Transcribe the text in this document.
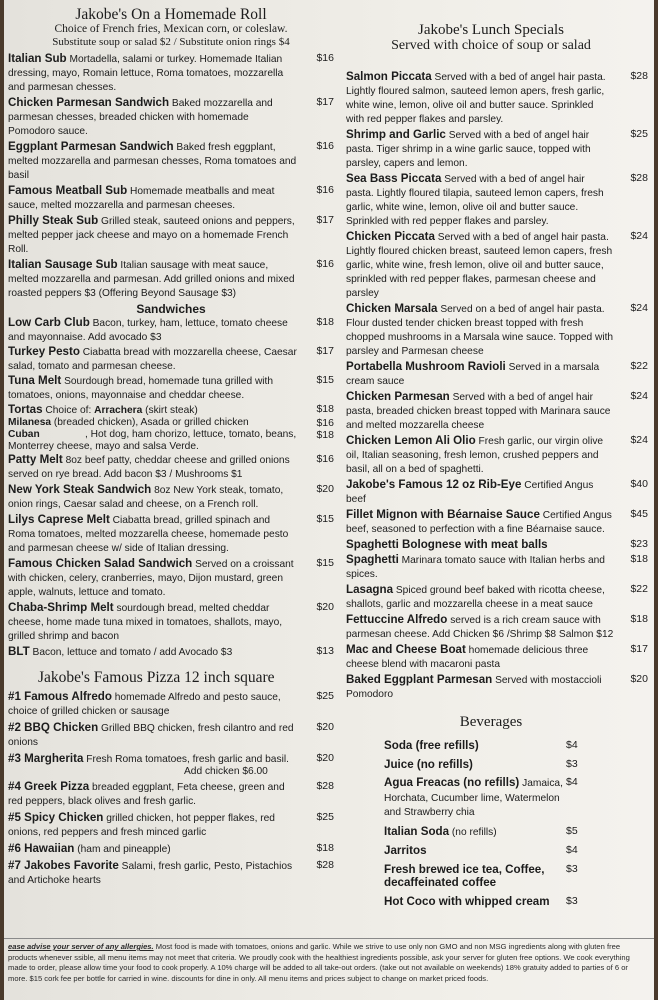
Jakobe's On a Homemade Roll

Choice of French fries, Mexican corn, or coleslaw.

Substitute soup or salad $2 / Substitute onion rings $4

Italian Sub Mortadella, salami or turkey. Homemade Italian dressing, mayo, Romain lettuce, Roma tomatoes, mozzarella and parmesan chesses.
$16
Chicken Parmesan Sandwich Baked mozzarella and parmesan chesses, breaded chicken with homemade Pomodoro sauce.
$17
Eggplant Parmesan Sandwich Baked fresh eggplant, melted mozzarella and parmesan chesses, Roma tomatoes and basil
$16
Famous Meatball Sub Homemade meatballs and meat sauce, melted mozzarella and parmesan cheeses.
$16
Philly Steak Sub Grilled steak, sauteed onions and peppers, melted pepper jack cheese and mayo on a homemade French Roll.
$17
Italian Sausage Sub Italian sausage with meat sauce, melted mozzarella and parmesan. Add grilled onions and mixed roasted peppers $3 (Offering Beyond Sausage $3)
$16

Sandwiches

Low Carb Club Bacon, turkey, ham, lettuce, tomato cheese and mayonnaise. Add avocado $3
$18
Turkey Pesto Ciabatta bread with mozzarella cheese, Caesar salad, tomato and parmesan cheese.
$17
Tuna Melt Sourdough bread, homemade tuna grilled with tomatoes, onions, mayonnaise and cheddar cheese.
$15
Tortas Choice of: Arrachera (skirt steak)	$18
Milanesa (breaded chicken), Asada or grilled chicken	$16
Cuban                , Hot dog, ham chorizo, lettuce, tomato, beans, Monterrey cheese, mayo and salsa Verde.
$18
Patty Melt 8oz beef patty, cheddar cheese and grilled onions served on rye bread. Add bacon $3 / Mushrooms $1
$16
New York Steak Sandwich 8oz New York steak, tomato, onion rings, Caesar salad and cheese, on a French roll.
$20
Lilys Caprese Melt Ciabatta bread, grilled spinach and Roma tomatoes, melted mozzarella cheese, homemade pesto and parmesan cheese w/ side of Italian dressing.
$15
Famous Chicken Salad Sandwich Served on a croissant with chicken, celery, cranberries, mayo, Dijon mustard, green apple, walnuts, lettuce and tomato.
$15
Chaba-Shrimp Melt sourdough bread, melted cheddar cheese, home made tuna mixed in tomatoes, shallots, mayo, grilled shrimp and bacon
$20
BLT Bacon, lettuce and tomato / add Avocado $3	$13

Jakobe's Famous Pizza 12 inch square

#1 Famous Alfredo homemade Alfredo and pesto sauce, choice of grilled chicken or sausage
$25
#2 BBQ Chicken Grilled BBQ chicken, fresh cilantro and red onions
$20
#3 Margherita Fresh Roma tomatoes, fresh garlic and basil.
Add chicken $6.00
$20
#4 Greek Pizza breaded eggplant, Feta cheese, green and red peppers, black olives and fresh garlic.
$28
#5 Spicy Chicken grilled chicken, hot pepper flakes, red onions, red peppers and fresh minced garlic
$25
#6 Hawaiian (ham and pineapple)	$18
#7 Jakobes Favorite Salami, fresh garlic, Pesto, Pistachios and Artichoke hearts
$28

Jakobe's Lunch Specials

Served with choice of soup or salad

Salmon Piccata Served with a bed of angel hair pasta. Lightly floured salmon, sauteed lemon apers, fresh garlic, white wine, lemon, olive oil and butter sauce. Sprinkled with red pepper flakes and parsley.
$28
Shrimp and Garlic Served with a bed of angel hair pasta. Tiger shrimp in a wine garlic sauce, topped with parsley, capers and lemon.
$25
Sea Bass Piccata Served with a bed of angel hair pasta. Lightly floured tilapia, sauteed lemon capers, fresh garlic, white wine, lemon, olive oil and butter sauce. Sprinkled with red pepper flakes and parsley.
$28
Chicken Piccata Served with a bed of angel hair pasta. Lightly floured chicken breast, sauteed lemon capers, fresh garlic, white wine, fresh lemon, olive oil and butter sauce, sprinkled with red pepper flakes, parmesan cheese and parsley
$24
Chicken Marsala Served on a bed of angel hair pasta. Flour dusted tender chicken breast topped with fresh chopped mushrooms in a Marsala wine sauce. Topped with parsley and Parmesan cheese
$24
Portabella Mushroom Ravioli Served in a marsala cream sauce
$22
Chicken Parmesan Served with a bed of angel hair pasta, breaded chicken breast topped with Marinara sauce and melted mozzarella cheese
$24
Chicken Lemon Ali Olio Fresh garlic, our virgin olive oil, Italian seasoning, fresh lemon, crushed peppers and basil, all on a bed of spaghetti.
$24
Jakobe's Famous 12 oz Rib-Eye Certified Angus beef
$40
Fillet Mignon with Béarnaise Sauce Certified Angus beef, seasoned to perfection with a fine Béarnaise sauce.
$45
Spaghetti Bolognese with meat balls	$23
Spaghetti Marinara tomato sauce with Italian herbs and spices.
$18
Lasagna Spiced ground beef baked with ricotta cheese, shallots, garlic and mozzarella cheese in a meat sauce
$22
Fettuccine Alfredo served is a rich cream sauce with parmesan cheese. Add Chicken $6 /Shrimp $8 Salmon $12
$18
Mac and Cheese Boat homemade delicious three cheese blend with macaroni pasta
$17
Baked Eggplant Parmesan Served with mostaccioli Pomodoro
$20

Beverages

Soda (free refills)	$4
Juice (no refills)	$3
Agua Freacas (no refills) Jamaica, Horchata, Cucumber lime, Watermelon and Strawberry chia
$4
Italian Soda (no refills)	$5
Jarritos	$4
Fresh brewed ice tea, Coffee, decaffeinated coffee
$3
Hot Coco with whipped cream	$3
ease advise your server of any allergies. Most food is made with tomatoes, onions and garlic. While we strive to use only non GMO and non MSG ingredients along with gluten free products whenever ssible, all menu items may not meet that criteria. We proudly cook with the healthiest ingredients possible, ask your server for gluten free options. We cook everything made to order, please allow time your food to cook properly. A 10% charge will be added to all take-out orders. (take out not available on weekends) 18% gratuity added to parties of 6 or more. $15 cork fee per bottle for carried in wine. discounts for dine in only. All menu items and prices subject to change on market priced foods.
